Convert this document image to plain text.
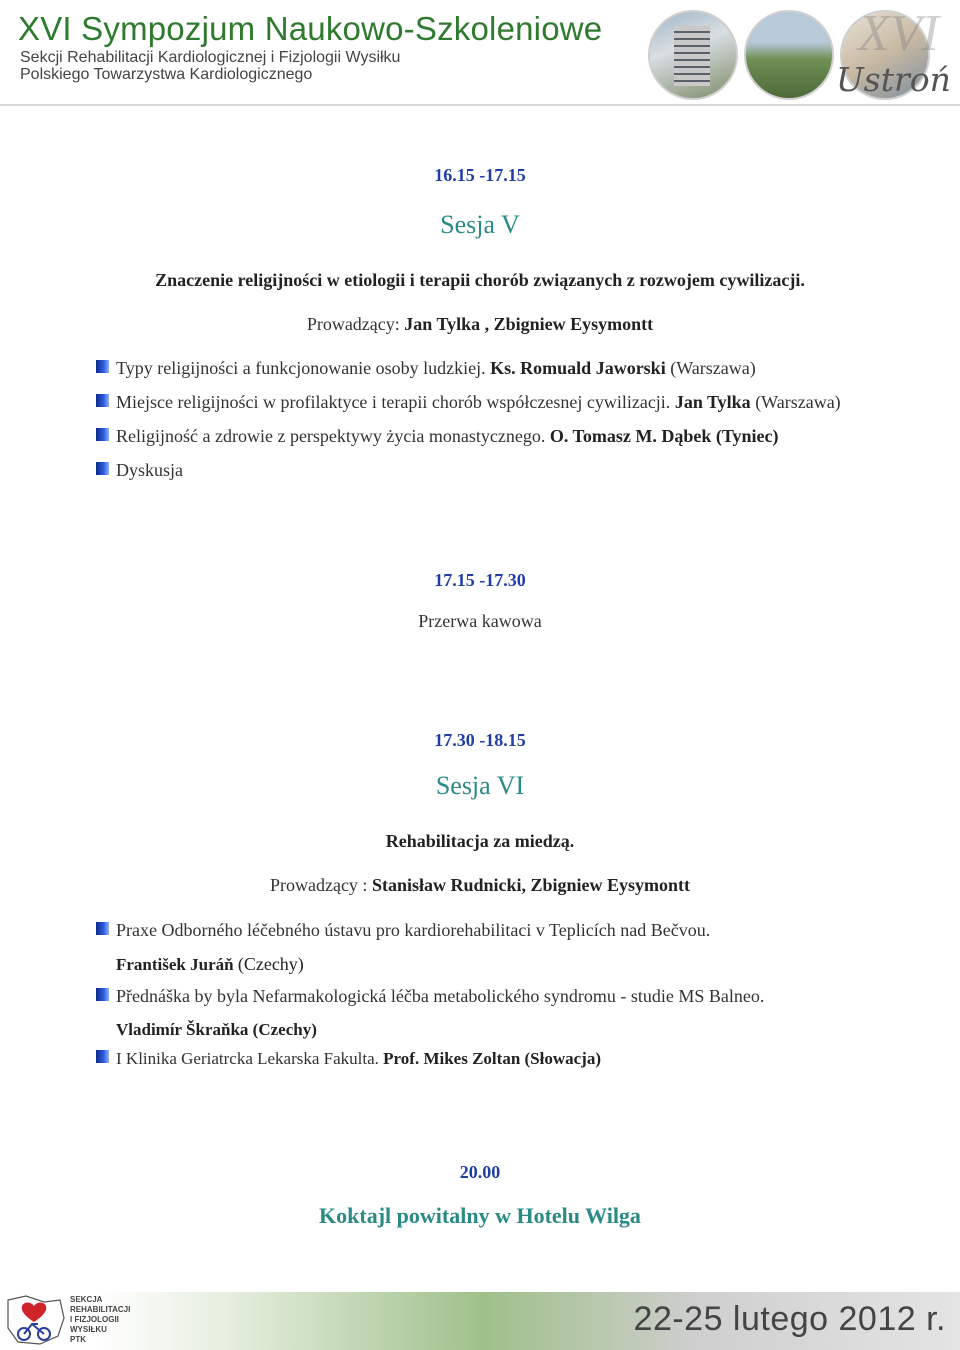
XVI Sympozjum Naukowo-Szkoleniowe
Sekcji Rehabilitacji Kardiologicznej i Fizjologii Wysiłku
Polskiego Towarzystwa Kardiologicznego
XVI
Ustroń
16.15 -17.15
Sesja V
Znaczenie religijności w etiologii i terapii chorób związanych z rozwojem cywilizacji.
Prowadzący: Jan Tylka , Zbigniew Eysymontt
Typy religijności a funkcjonowanie osoby ludzkiej. Ks. Romuald Jaworski (Warszawa)
Miejsce religijności w profilaktyce i terapii chorób współczesnej cywilizacji. Jan Tylka (Warszawa)
Religijność a zdrowie z perspektywy życia monastycznego. O. Tomasz M. Dąbek (Tyniec)
Dyskusja
17.15 -17.30
Przerwa kawowa
17.30 -18.15
Sesja VI
Rehabilitacja za miedzą.
Prowadzący : Stanisław Rudnicki, Zbigniew Eysymontt
Praxe Odborného léčebného ústavu pro kardiorehabilitaci v Teplicích nad Bečvou.
František Juráň (Czechy)
Přednáška by byla Nefarmakologická léčba metabolického syndromu - studie MS Balneo.
Vladimír Škraňka (Czechy)
I Klinika Geriatrcka Lekarska Fakulta. Prof. Mikes Zoltan (Słowacja)
20.00
Koktajl powitalny w Hotelu Wilga
SEKCJA
REHABILITACJI
I FIZJOLOGII
WYSIŁKU
PTK
22-25 lutego 2012 r.
